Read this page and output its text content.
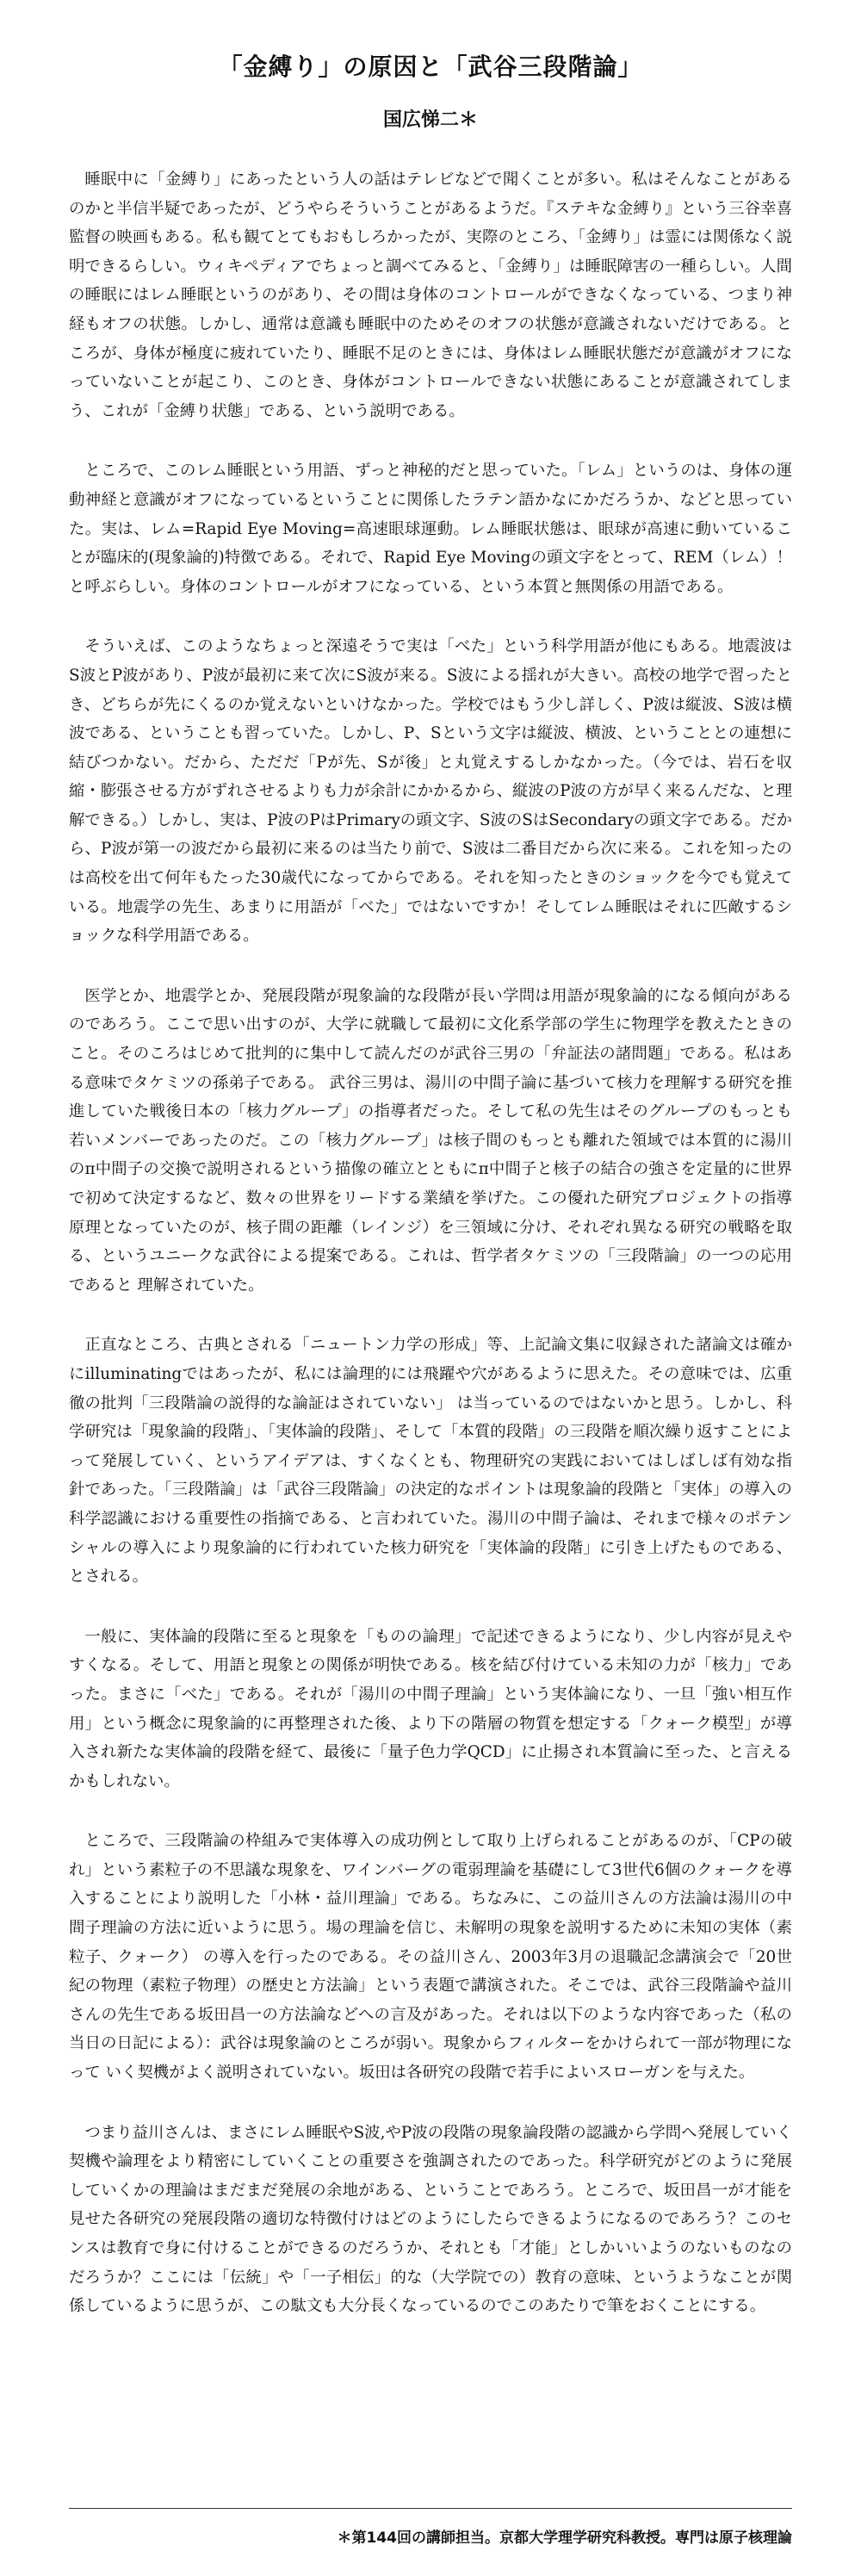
「金縛り」の原因と「武谷三段階論」
国広悌二＊

睡眠中に「金縛り」にあったという人の話はテレビなどで聞くことが多い。私はそんなことがあるのかと半信半疑であったが、どうやらそういうことがあるようだ。『ステキな金縛り』という三谷幸喜監督の映画もある。私も観てとてもおもしろかったが、実際のところ、「金縛り」は霊には関係なく説明できるらしい。ウィキペディアでちょっと調べてみると、「金縛り」は睡眠障害の一種らしい。人間の睡眠にはレム睡眠というのがあり、その間は身体のコントロールができなくなっている、つまり神経もオフの状態。しかし、通常は意識も睡眠中のためそのオフの状態が意識されないだけである。ところが、身体が極度に疲れていたり、睡眠不足のときには、身体はレム睡眠状態だが意識がオフになっていないことが起こり、このとき、身体がコントロールできない状態にあることが意識されてしまう、これが「金縛り状態」である、という説明である。

ところで、このレム睡眠という用語、ずっと神秘的だと思っていた。「レム」というのは、身体の運動神経と意識がオフになっているということに関係したラテン語かなにかだろうか、などと思っていた。実は、レム=Rapid Eye Moving=高速眼球運動。レム睡眠状態は、眼球が高速に動いていることが臨床的(現象論的)特徴である。それで、Rapid Eye Movingの頭文字をとって、REM（レム）！と呼ぶらしい。身体のコントロールがオフになっている、という本質と無関係の用語である。

そういえば、このようなちょっと深遠そうで実は「べた」という科学用語が他にもある。地震波はS波とP波があり、P波が最初に来て次にS波が来る。S波による揺れが大きい。高校の地学で習ったとき、どちらが先にくるのか覚えないといけなかった。学校ではもう少し詳しく、P波は縦波、S波は横波である、ということも習っていた。しかし、P、Sという文字は縦波、横波、ということとの連想に結びつかない。だから、ただだ「Pが先、Sが後」と丸覚えするしかなかった。（今では、岩石を収縮・膨張させる方がずれさせるよりも力が余計にかかるから、縦波のP波の方が早く来るんだな、と理解できる。）しかし、実は、P波のPはPrimaryの頭文字、S波のSはSecondaryの頭文字である。だから、P波が第一の波だから最初に来るのは当たり前で、S波は二番目だから次に来る。これを知ったのは高校を出て何年もたった30歳代になってからである。それを知ったときのショックを今でも覚えている。地震学の先生、あまりに用語が「べた」ではないですか！そしてレム睡眠はそれに匹敵するショックな科学用語である。

医学とか、地震学とか、発展段階が現象論的な段階が長い学問は用語が現象論的になる傾向があるのであろう。ここで思い出すのが、大学に就職して最初に文化系学部の学生に物理学を教えたときのこと。そのころはじめて批判的に集中して読んだのが武谷三男の「弁証法の諸問題」である。私はある意味でタケミツの孫弟子である。 武谷三男は、湯川の中間子論に基づいて核力を理解する研究を推進していた戦後日本の「核力グループ」の指導者だった。そして私の先生はそのグループのもっとも若いメンバーであったのだ。この「核力グループ」は核子間のもっとも離れた領域では本質的に湯川のπ中間子の交換で説明されるという描像の確立とともにπ中間子と核子の結合の強さを定量的に世界で初めて決定するなど、数々の世界をリードする業績を挙げた。この優れた研究プロジェクトの指導原理となっていたのが、核子間の距離（レインジ）を三領域に分け、それぞれ異なる研究の戦略を取る、というユニークな武谷による提案である。これは、哲学者タケミツの「三段階論」の一つの応用であると 理解されていた。

正直なところ、古典とされる「ニュートン力学の形成」等、上記論文集に収録された諸論文は確かにilluminatingではあったが、私には論理的には飛躍や穴があるように思えた。その意味では、広重徹の批判「三段階論の説得的な論証はされていない」 は当っているのではないかと思う。しかし、科学研究は「現象論的段階」、「実体論的段階」、そして「本質的段階」の三段階を順次繰り返すことによって発展していく、というアイデアは、すくなくとも、物理研究の実践においてはしばしば有効な指針であった。「三段階論」は「武谷三段階論」の決定的なポイントは現象論的段階と「実体」の導入の 科学認識における重要性の指摘である、と言われていた。湯川の中間子論は、それまで様々のポテンシャルの導入により現象論的に行われていた核力研究を「実体論的段階」に引き上げたものである、とされる。

一般に、実体論的段階に至ると現象を「ものの論理」で記述できるようになり、少し内容が見えやすくなる。そして、用語と現象との関係が明快である。核を結び付けている未知の力が「核力」であった。まさに「べた」である。それが「湯川の中間子理論」という実体論になり、一旦「強い相互作用」という概念に現象論的に再整理された後、より下の階層の物質を想定する「クォーク模型」が導入され新たな実体論的段階を経て、最後に「量子色力学QCD」に止揚され本質論に至った、と言えるかもしれない。

ところで、三段階論の枠組みで実体導入の成功例として取り上げられることがあるのが、「CPの破れ」という素粒子の不思議な現象を、ワインバーグの電弱理論を基礎にして3世代6個のクォークを導入することにより説明した「小林・益川理論」である。ちなみに、この益川さんの方法論は湯川の中間子理論の方法に近いように思う。場の理論を信じ、未解明の現象を説明するために未知の実体（素粒子、クォーク） の導入を行ったのである。その益川さん、2003年3月の退職記念講演会で「20世紀の物理（素粒子物理）の歴史と方法論」という表題で講演された。そこでは、武谷三段階論や益川さんの先生である坂田昌一の方法論などへの言及があった。それは以下のような内容であった（私の当日の日記による）：武谷は現象論のところが弱い。現象からフィルターをかけられて一部が物理になって いく契機がよく説明されていない。坂田は各研究の段階で若手によいスローガンを与えた。

つまり益川さんは、まさにレム睡眠やS波,やP波の段階の現象論段階の認識から学問へ発展していく契機や論理をより精密にしていくことの重要さを強調されたのであった。科学研究がどのように発展していくかの理論はまだまだ発展の余地がある、ということであろう。ところで、坂田昌一が才能を見せた各研究の発展段階の適切な特徴付けはどのようにしたらできるようになるのであろう？このセンスは教育で身に付けることができるのだろうか、それとも「才能」としかいいようのないものなのだろうか？ここには「伝統」や「一子相伝」的な（大学院での）教育の意味、というようなことが関係しているように思うが、この駄文も大分長くなっているのでこのあたりで筆をおくことにする。

＊第144回の講師担当。京都大学理学研究科教授。専門は原子核理論
